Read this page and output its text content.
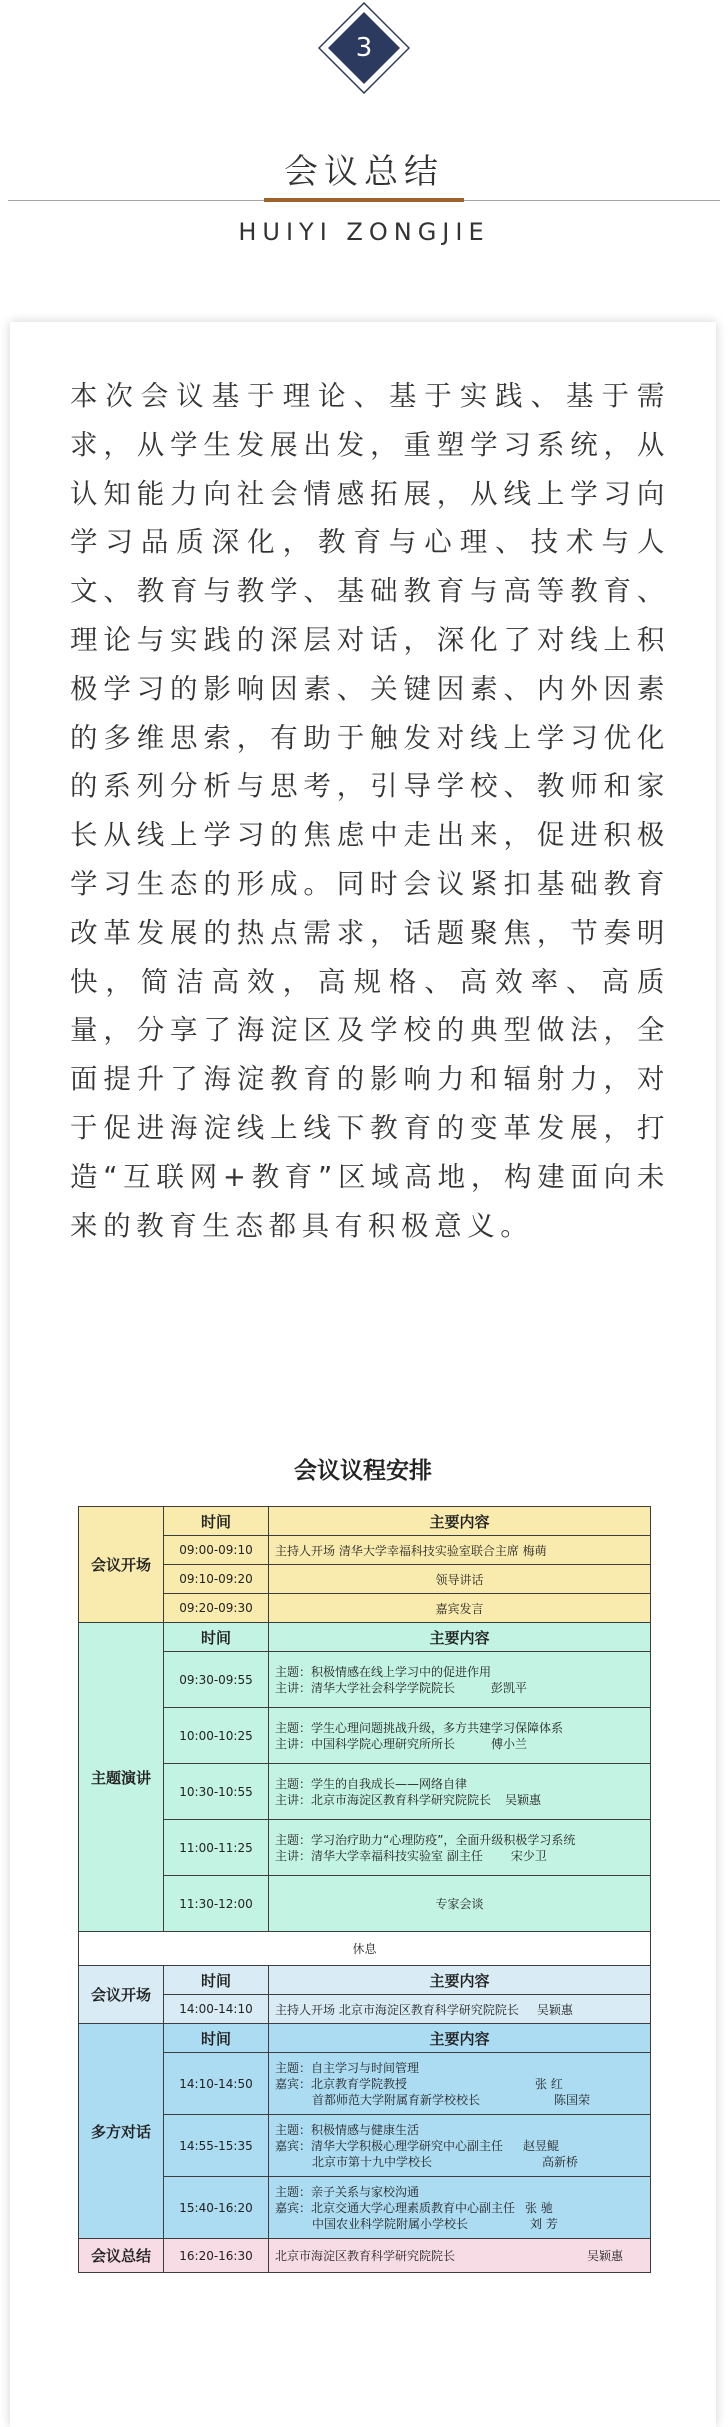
3
会议总结
HUIYI ZONGJIE

本次会议基于理论、基于实践、基于需求，从学生发展出发，重塑学习系统，从认知能力向社会情感拓展，从线上学习向学习品质深化，教育与心理、技术与人文、教育与教学、基础教育与高等教育、理论与实践的深层对话，深化了对线上积极学习的影响因素、关键因素、内外因素的多维思索，有助于触发对线上学习优化的系列分析与思考，引导学校、教师和家长从线上学习的焦虑中走出来，促进积极学习生态的形成。同时会议紧扣基础教育改革发展的热点需求，话题聚焦，节奏明快，简洁高效，高规格、高效率、高质量，分享了海淀区及学校的典型做法，全面提升了海淀教育的影响力和辐射力，对于促进海淀线上线下教育的变革发展，打造“互联网+教育”区域高地，构建面向未来的教育生态都具有积极意义。

会议议程安排
会议开场	时间	主要内容
	09:00-09:10	主持人开场 清华大学幸福科技实验室联合主席 梅萌
	09:10-09:20	领导讲话
	09:20-09:30	嘉宾发言
主题演讲	时间	主要内容
	09:30-09:55	主题：积极情感在线上学习中的促进作用
主讲：清华大学社会科学学院院长 彭凯平

	10:00-10:25	主题：学生心理问题挑战升级，多方共建学习保障体系
主讲：中国科学院心理研究所所长 傅小兰

	10:30-10:55	主题：学生的自我成长——网络自律
主讲：北京市海淀区教育科学研究院院长 吴颖惠

	11:00-11:25	主题：学习治疗助力“心理防疫”，全面升级积极学习系统
主讲：清华大学幸福科技实验室 副主任 宋少卫

	11:30-12:00	专家会谈
休息		
会议开场	时间	主要内容
	14:00-14:10	主持人开场 北京市海淀区教育科学研究院院长 吴颖惠
多方对话	时间	主要内容
	14:10-14:50	主题：自主学习与时间管理
嘉宾：北京教育学院教授 张 红
首都师范大学附属育新学校校长 陈国荣

	14:55-15:35	主题：积极情感与健康生活
嘉宾：清华大学积极心理学研究中心副主任 赵昱鲲
北京市第十九中学校长 高新桥

	15:40-16:20	主题：亲子关系与家校沟通
嘉宾：北京交通大学心理素质教育中心副主任 张 驰
中国农业科学院附属小学校长 刘 芳

会议总结	16:20-16:30	北京市海淀区教育科学研究院院长 吴颖惠
